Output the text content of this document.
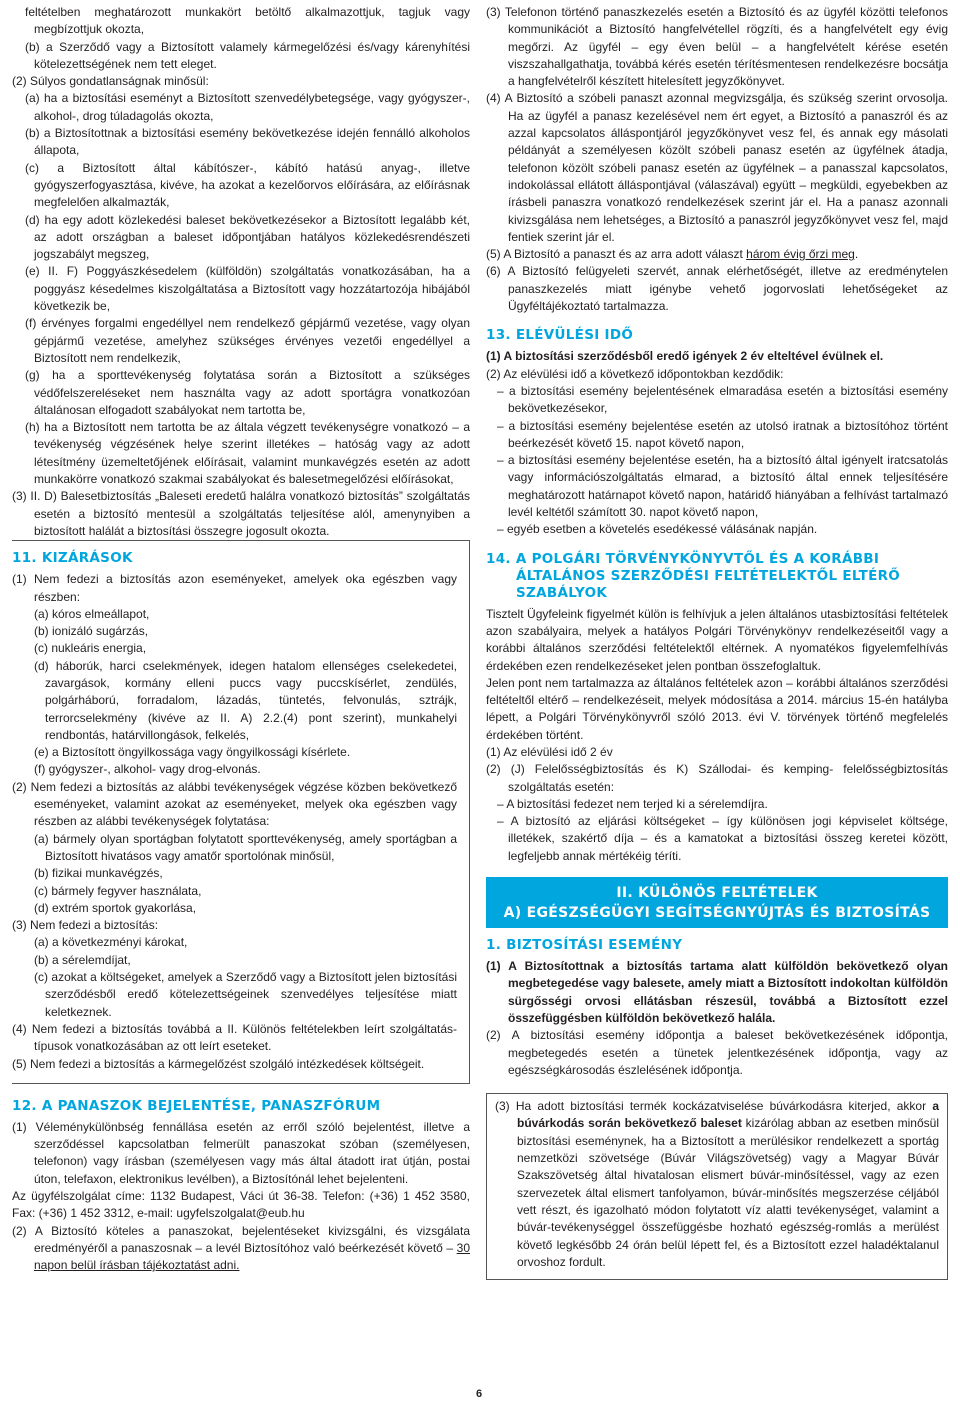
feltételben meghatározott munkakört betöltő alkalmazottjuk, tagjuk vagy megbízottjuk okozta,

(b) a Szerződő vagy a Biztosított valamely kármegelőzési és/vagy kárenyhítési kötelezettségének nem tett eleget.

(2) Súlyos gondatlanságnak minősül:

(a) ha a biztosítási eseményt a Biztosított szenvedélybetegsége, vagy gyógyszer-, alkohol-, drog túladagolás okozta,

(b) a Biztosítottnak a biztosítási esemény bekövetkezése idején fennálló alkoholos állapota,

(c) a Biztosított által kábítószer-, kábító hatású anyag-, illetve gyógyszerfogyasztása, kivéve, ha azokat a kezelőorvos előírására, az előírásnak megfelelően alkalmazták,

(d) ha egy adott közlekedési baleset bekövetkezésekor a Biztosított legalább két, az adott országban a baleset időpontjában hatályos közlekedésrendészeti jogszabályt megszeg,

(e) II. F) Poggyászkésedelem (külföldön) szolgáltatás vonatkozásában, ha a poggyász késedelmes kiszolgáltatása a Biztosított vagy hozzátartozója hibájából következik be,

(f) érvényes forgalmi engedéllyel nem rendelkező gépjármű vezetése, vagy olyan gépjármű vezetése, amelyhez szükséges érvényes vezetői engedéllyel a Biztosított nem rendelkezik,

(g) ha a sporttevékenység folytatása során a Biztosított a szükséges védőfelszereléseket nem használta vagy az adott sportágra vonatkozóan általánosan elfogadott szabályokat nem tartotta be,

(h) ha a Biztosított nem tartotta be az általa végzett tevékenységre vonatkozó – a tevékenység végzésének helye szerint illetékes – hatóság vagy az adott létesítmény üzemeltetőjének előírásait, valamint munkavégzés esetén az adott munkakörre vonatkozó szakmai szabályokat és balesetmegelőzési előírásokat,

(3) II. D) Balesetbiztosítás „Baleseti eredetű halálra vonatkozó biztosítás” szolgáltatás esetén a biztosító mentesül a szolgáltatás teljesítése alól, amenynyiben a biztosított halálát a biztosítási összegre jogosult okozta.

11. KIZÁRÁSOK

(1) Nem fedezi a biztosítás azon eseményeket, amelyek oka egészben vagy részben:

(a) kóros elmeállapot,

(b) ionizáló sugárzás,

(c) nukleáris energia,

(d) háborúk, harci cselekmények, idegen hatalom ellenséges cselekedetei, zavargások, kormány elleni puccs vagy puccskísérlet, zendülés, polgárháború, forradalom, lázadás, tüntetés, felvonulás, sztrájk, terrorcselekmény (kivéve az II. A) 2.2.(4) pont szerint), munkahelyi rendbontás, határvillongások, felkelés,

(e) a Biztosított öngyilkossága vagy öngyilkossági kísérlete.

(f) gyógyszer-, alkohol- vagy drog-elvonás.

(2) Nem fedezi a biztosítás az alábbi tevékenységek végzése közben bekövetkező eseményeket, valamint azokat az eseményeket, melyek oka egészben vagy részben az alábbi tevékenységek folytatása:

(a) bármely olyan sportágban folytatott sporttevékenység, amely sportágban a Biztosított hivatásos vagy amatőr sportolónak minősül,

(b) fizikai munkavégzés,

(c) bármely fegyver használata,

(d) extrém sportok gyakorlása,

(3) Nem fedezi a biztosítás:

(a) a következményi károkat,

(b) a sérelemdíjat,

(c) azokat a költségeket, amelyek a Szerződő vagy a Biztosított jelen biztosítási szerződésből eredő kötelezettségeinek szenvedélyes teljesítése miatt keletkeznek.

(4) Nem fedezi a biztosítás továbbá a II. Különös feltételekben leírt szolgáltatás-típusok vonatkozásában az ott leírt eseteket.

(5) Nem fedezi a biztosítás a kármegelőzést szolgáló intézkedések költségeit.

12. A PANASZOK BEJELENTÉSE, PANASZFÓRUM

(1) Véleménykülönbség fennállása esetén az erről szóló bejelentést, illetve a szerződéssel kapcsolatban felmerült panaszokat szóban (személyesen, telefonon) vagy írásban (személyesen vagy más által átadott irat útján, postai úton, telefaxon, elektronikus levélben), a Biztosítónál lehet bejelenteni.

Az ügyfélszolgálat címe: 1132 Budapest, Váci út 36-38. Telefon: (+36) 1 452 3580, Fax: (+36) 1 452 3312, e-mail: ugyfelszolgalat@eub.hu

(2) A Biztosító köteles a panaszokat, bejelentéseket kivizsgálni, és vizsgálata eredményéről a panaszosnak – a levél Biztosítóhoz való beérkezését követő – 30 napon belül írásban tájékoztatást adni.

(3) Telefonon történő panaszkezelés esetén a Biztosító és az ügyfél közötti telefonos kommunikációt a Biztosító hangfelvétellel rögzíti, és a hangfelvételt egy évig megőrzi. Az ügyfél – egy éven belül – a hangfelvételt kérése esetén viszszahallgathatja, továbbá kérés esetén térítésmentesen rendelkezésre bocsátja a hangfelvételről készített hitelesített jegyzőkönyvet.

(4) A Biztosító a szóbeli panaszt azonnal megvizsgálja, és szükség szerint orvosolja. Ha az ügyfél a panasz kezelésével nem ért egyet, a Biztosító a panaszról és az azzal kapcsolatos álláspontjáról jegyzőkönyvet vesz fel, és annak egy másolati példányát a személyesen közölt szóbeli panasz esetén az ügyfélnek átadja, telefonon közölt szóbeli panasz esetén az ügyfélnek – a panasszal kapcsolatos, indokolással ellátott álláspontjával (válaszával) együtt – megküldi, egyebekben az írásbeli panaszra vonatkozó rendelkezések szerint jár el. Ha a panasz azonnali kivizsgálása nem lehetséges, a Biztosító a panaszról jegyzőkönyvet vesz fel, majd fentiek szerint jár el.

(5) A Biztosító a panaszt és az arra adott választ három évig őrzi meg.

(6) A Biztosító felügyeleti szervét, annak elérhetőségét, illetve az eredménytelen panaszkezelés miatt igénybe vehető jogorvoslati lehetőségeket az Ügyféltájékoztató tartalmazza.

13. ELÉVÜLÉSI IDŐ

(1) A biztosítási szerződésből eredő igények 2 év elteltével évülnek el.

(2) Az elévülési idő a következő időpontokban kezdődik:

– a biztosítási esemény bejelentésének elmaradása esetén a biztosítási esemény bekövetkezésekor,

– a biztosítási esemény bejelentése esetén az utolsó iratnak a biztosítóhoz történt beérkezését követő 15. napot követő napon,

– a biztosítási esemény bejelentése esetén, ha a biztosító által igényelt iratcsatolás vagy információszolgáltatás elmarad, a biztosító által ennek teljesítésére meghatározott határnapot követő napon, határidő hiányában a felhívást tartalmazó levél keltétől számított 30. napot követő napon,

– egyéb esetben a követelés esedékessé válásának napján.

14. A POLGÁRI TÖRVÉNYKÖNYVTŐL ÉS A KORÁBBI ÁLTALÁNOS SZERZŐDÉSI FELTÉTELEKTŐL ELTÉRŐ SZABÁLYOK

Tisztelt Ügyfeleink figyelmét külön is felhívjuk a jelen általános utasbiztosítási feltételek azon szabályaira, melyek a hatályos Polgári Törvénykönyv rendelkezéseitől vagy a korábbi általános szerződési feltételektől eltérnek. A nyomatékos figyelemfelhívás érdekében ezen rendelkezéseket jelen pontban összefoglaltuk.

Jelen pont nem tartalmazza az általános feltételek azon – korábbi általános szerződési feltételtől eltérő – rendelkezéseit, melyek módosítása a 2014. március 15-én hatályba lépett, a Polgári Törvénykönyvről szóló 2013. évi V. törvények történő megfelelés érdekében történt.

(1) Az elévülési idő 2 év

(2) (J) Felelősségbiztosítás és K) Szállodai- és kemping- felelősségbiztosítás szolgáltatás esetén:

– A biztosítási fedezet nem terjed ki a sérelemdíjra.

– A biztosító az eljárási költségeket – így különösen jogi képviselet költsége, illetékek, szakértő díja – és a kamatokat a biztosítási összeg keretei között, legfeljebb annak mértékéig téríti.

II. KÜLÖNÖS FELTÉTELEK
A) EGÉSZSÉGÜGYI SEGÍTSÉGNYÚJTÁS ÉS BIZTOSÍTÁS
1. BIZTOSÍTÁSI ESEMÉNY

(1) A Biztosítottnak a biztosítás tartama alatt külföldön bekövetkező olyan megbetegedése vagy balesete, amely miatt a Biztosított indokoltan külföldön sürgősségi orvosi ellátásban részesül, továbbá a Biztosított ezzel összefüggésben külföldön bekövetkező halála.

(2) A biztosítási esemény időpontja a baleset bekövetkezésének időpontja, megbetegedés esetén a tünetek jelentkezésének időpontja, vagy az egészségkárosodás észlelésének időpontja.

(3) Ha adott biztosítási termék kockázatviselése búvárkodásra kiterjed, akkor a búvárkodás során bekövetkező baleset kizárólag abban az esetben minősül biztosítási eseménynek, ha a Biztosított a merülésikor rendelkezett a sportág nemzetközi szövetsége (Búvár Világszövetség) vagy a Magyar Búvár Szakszövetség által hivatalosan elismert búvár-minősítéssel, vagy az ezen szervezetek által elismert tanfolyamon, búvár-minősítés megszerzése céljából vett részt, és igazolható módon folytatott víz alatti tevékenységet, valamint a búvár-tevékenységgel összefüggésbe hozható egészség-romlás a merülést követő legkésőbb 24 órán belül lépett fel, és a Biztosított ezzel haladéktalanul orvoshoz fordult.

6
